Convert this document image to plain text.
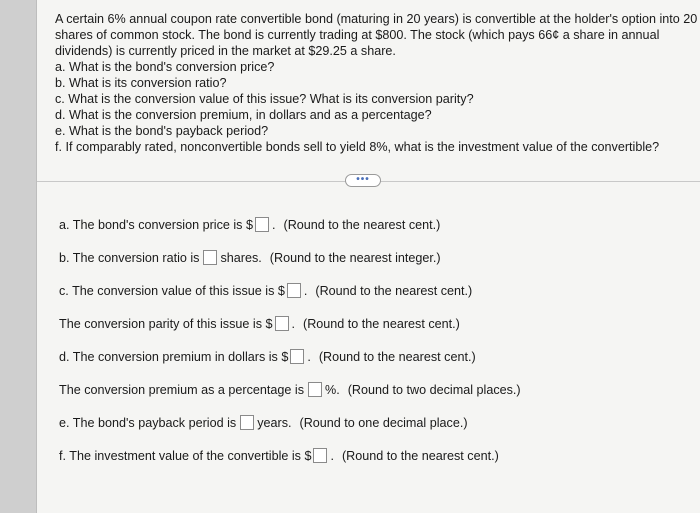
A certain 6% annual coupon rate convertible bond (maturing in 20 years) is convertible at the holder's option into 20 shares of common stock. The bond is currently trading at $800. The stock (which pays 66¢ a share in annual dividends) is currently priced in the market at $29.25 a share.

a. What is the bond's conversion price?

b. What is its conversion ratio?

c. What is the conversion value of this issue? What is its conversion parity?

d. What is the conversion premium, in dollars and as a percentage?

e. What is the bond's payback period?

f. If comparably rated, nonconvertible bonds sell to yield 8%, what is the investment value of the convertible?

•••
a. The bond's conversion price is $ . (Round to the nearest cent.)
b. The conversion ratio is shares. (Round to the nearest integer.)
c. The conversion value of this issue is $ . (Round to the nearest cent.)
The conversion parity of this issue is $ . (Round to the nearest cent.)
d. The conversion premium in dollars is $ . (Round to the nearest cent.)
The conversion premium as a percentage is %. (Round to two decimal places.)
e. The bond's payback period is years. (Round to one decimal place.)
f. The investment value of the convertible is $ . (Round to the nearest cent.)
